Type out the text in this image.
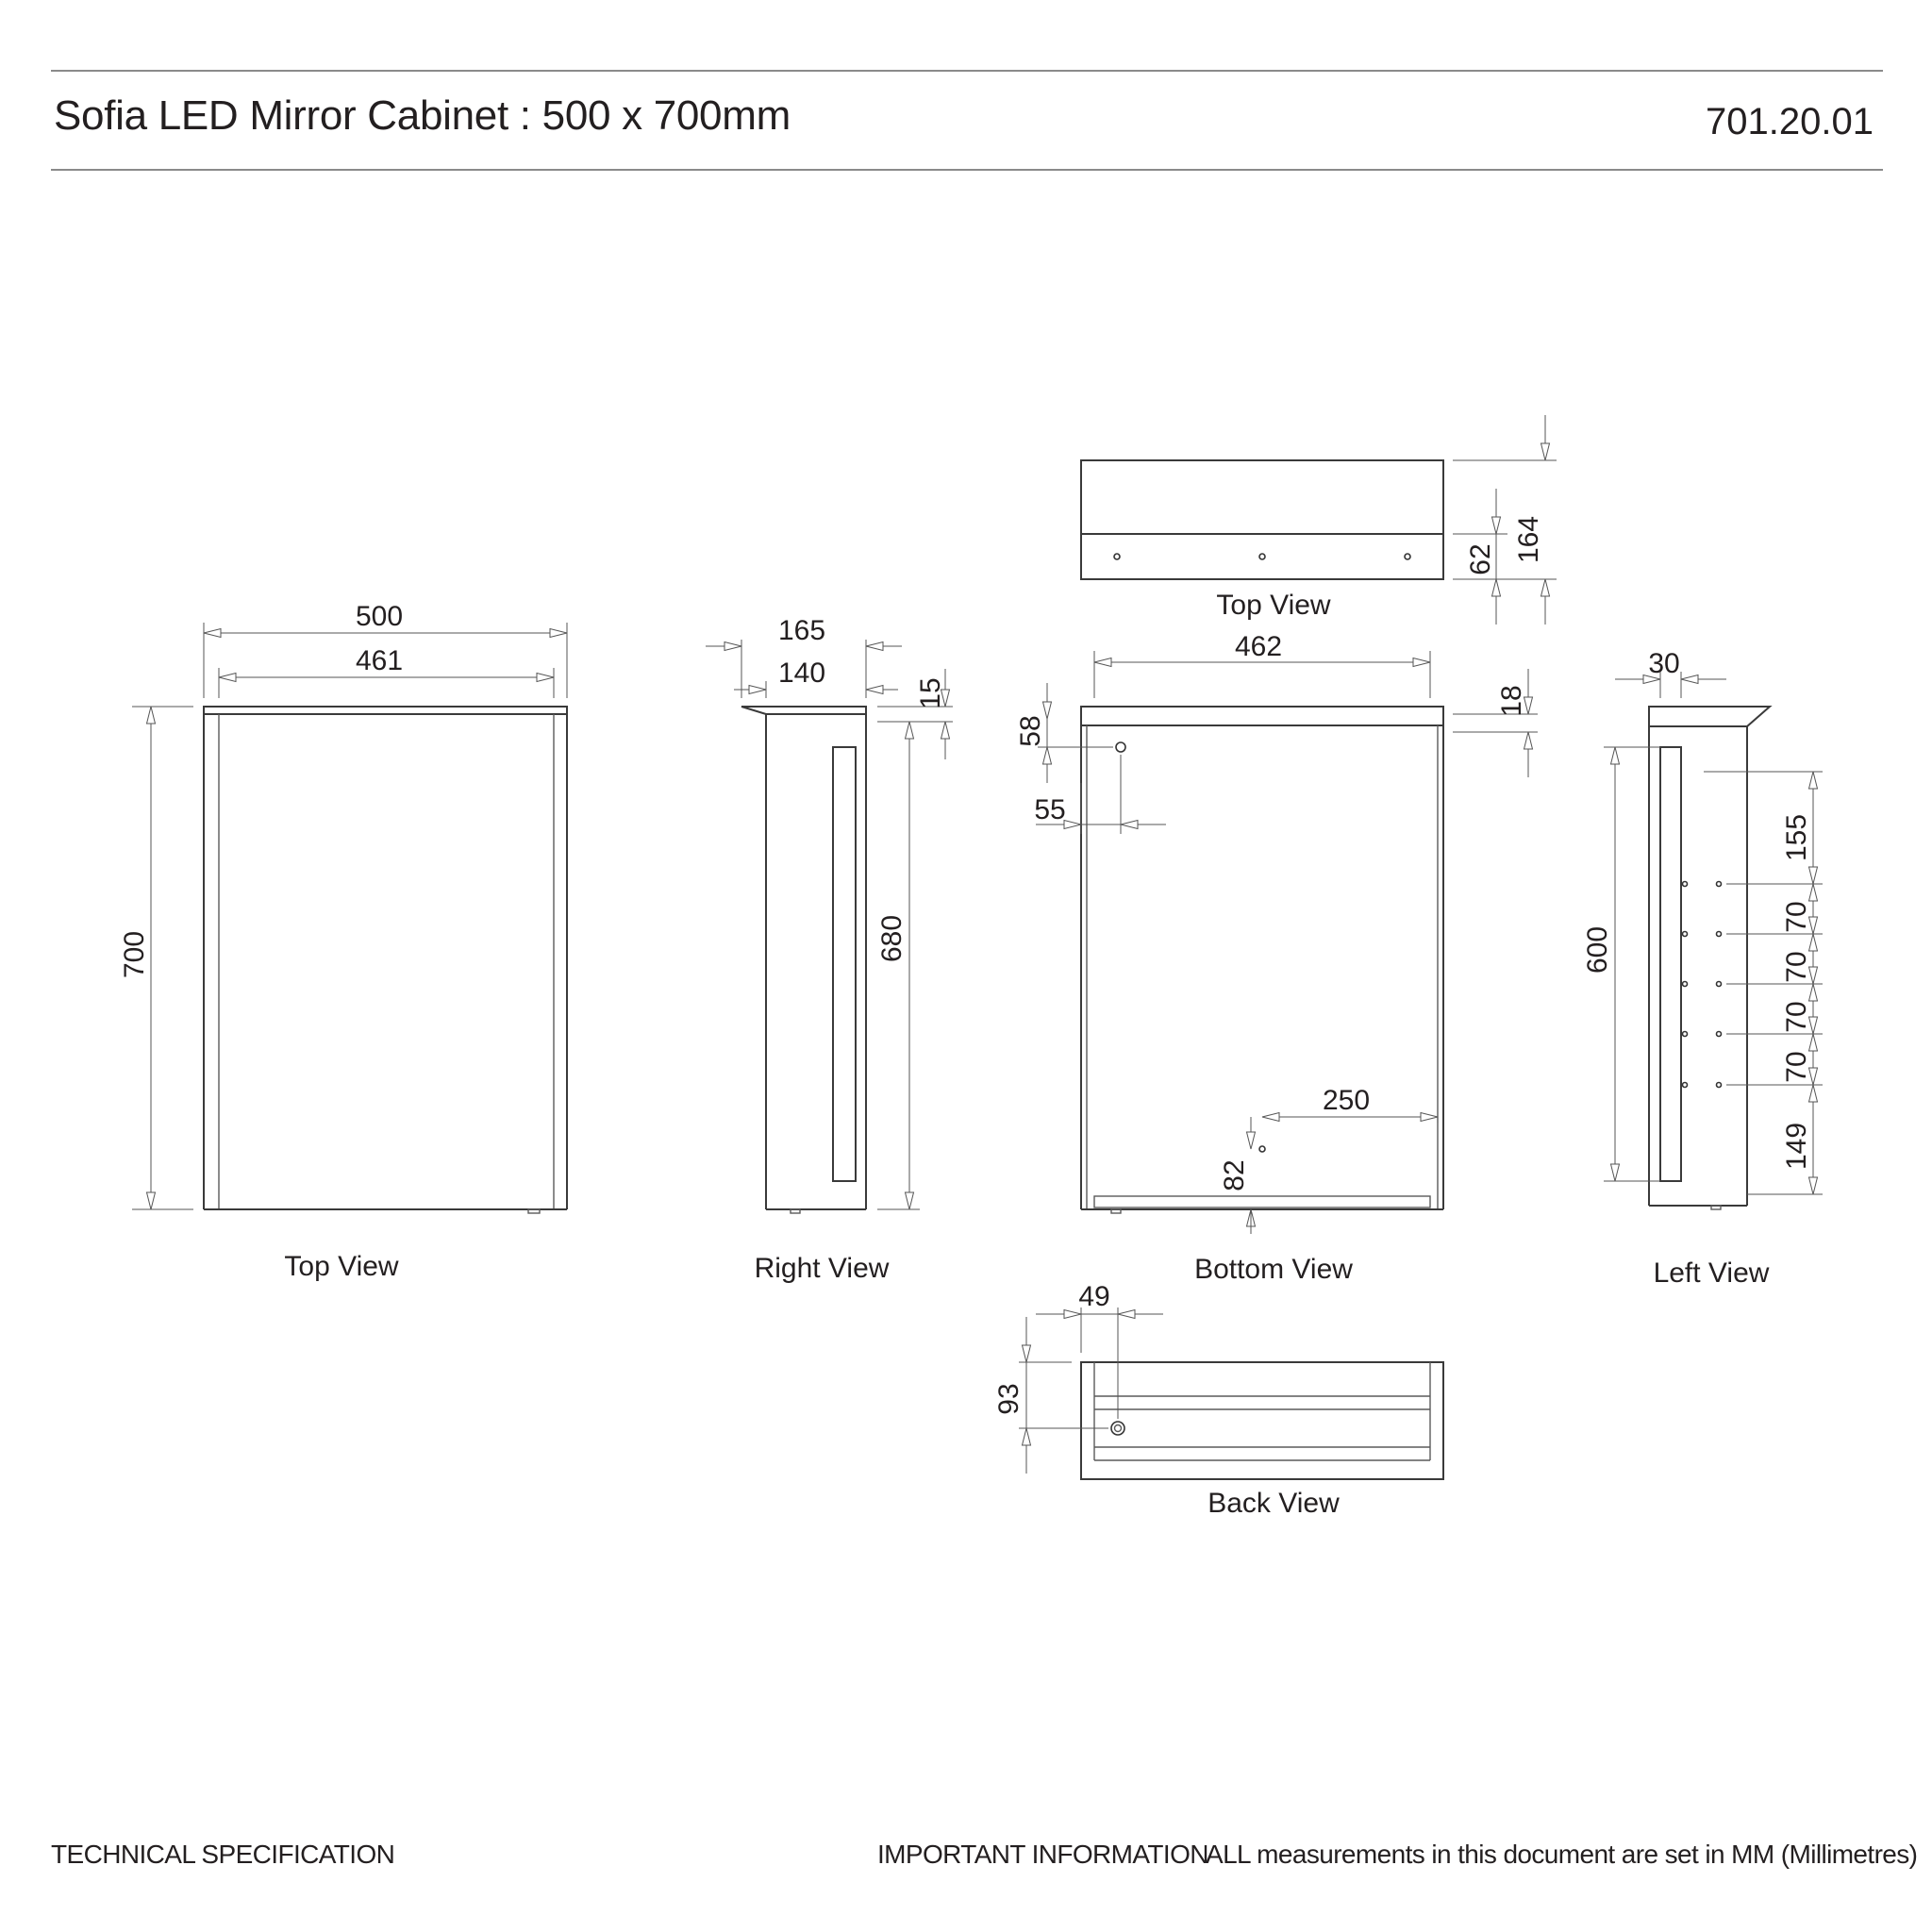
Sofia LED Mirror Cabinet : 500 x 700mm	701.20.01
500
461
700
Top View
165
140
15
680
Right View
164
62
Top View
462
18
58
55
250
82
Bottom View
30
600
155
70
70
70
70
149
Left View
49
93
Back View
TECHNICAL SPECIFICATION	IMPORTANT INFORMATION
ALL measurements in this document are set in MM (Millimetres)
